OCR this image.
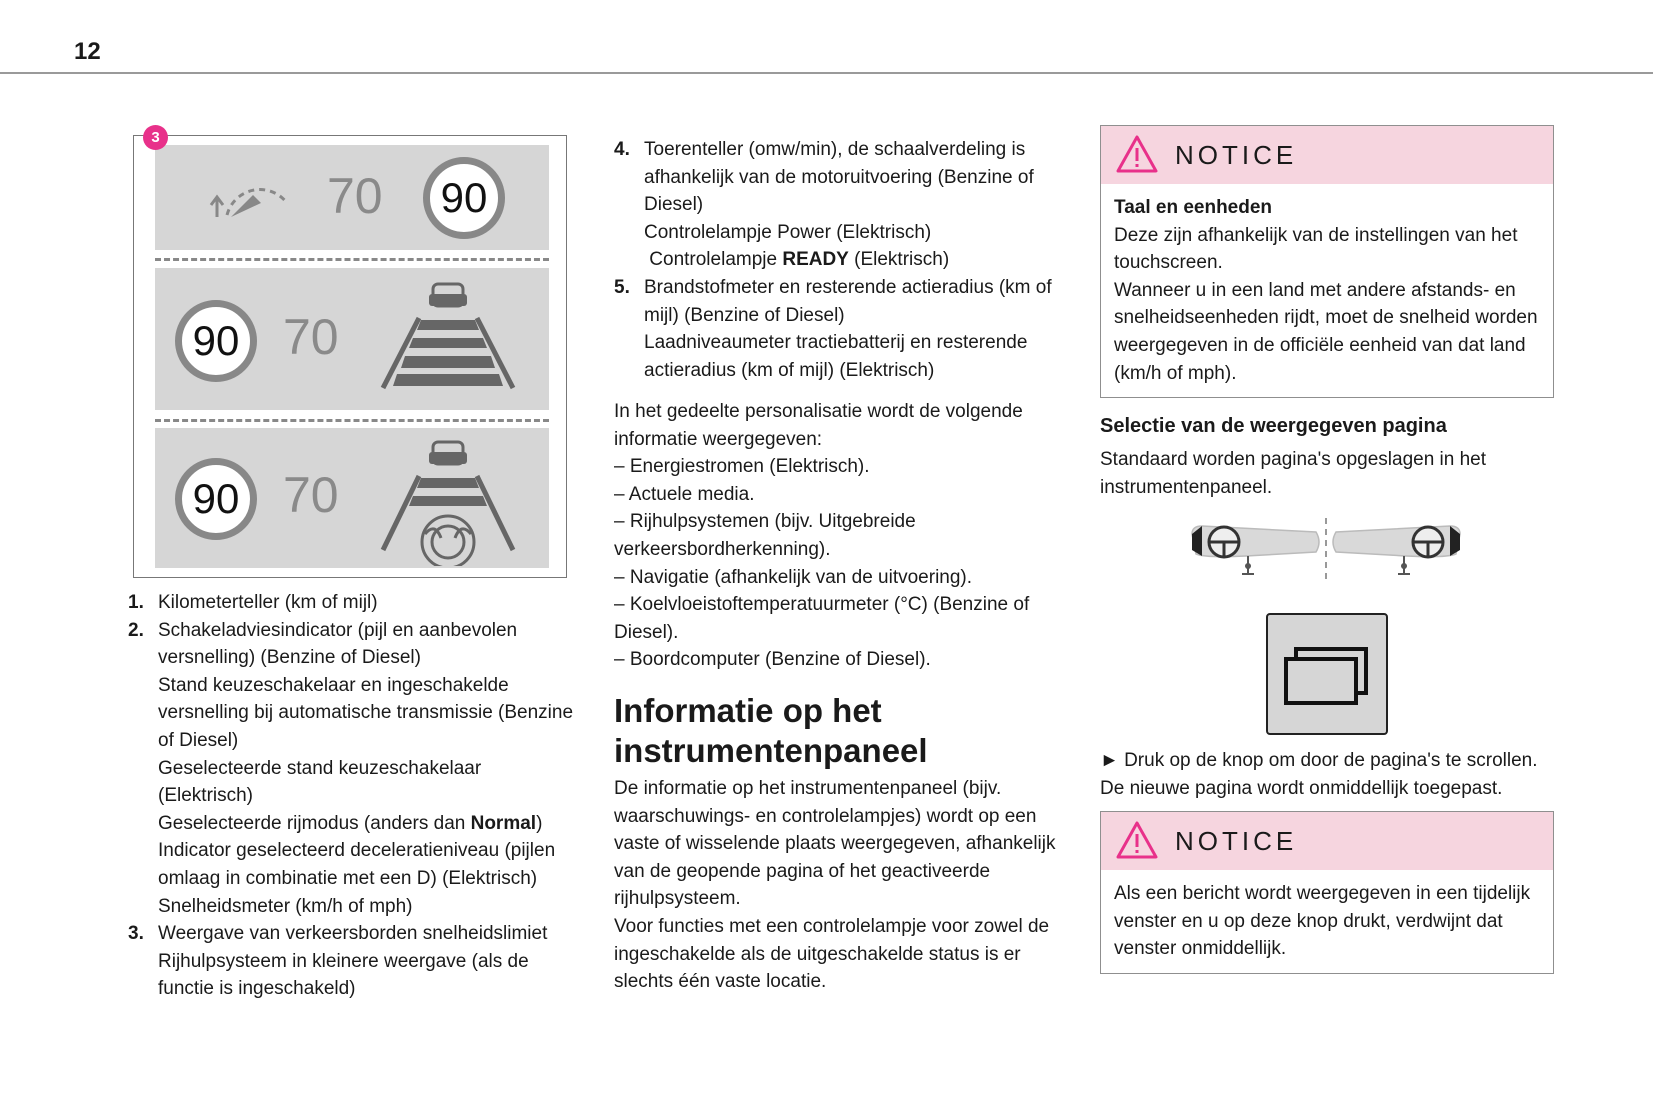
12
70	90
90 70
90 70
3
1. Kilometerteller (km of mijl)
2. Schakeladviesindicator (pijl en aanbevolen versnelling) (Benzine of Diesel)
Stand keuzeschakelaar en ingeschakelde versnelling bij automatische transmissie (Benzine of Diesel)
Geselecteerde stand keuzeschakelaar (Elektrisch)
Geselecteerde rijmodus (anders dan Normal)
Indicator geselecteerd deceleratieniveau (pijlen omlaag in combinatie met een D) (Elektrisch)
Snelheidsmeter (km/h of mph)
3. Weergave van verkeersborden snelheidslimiet
Rijhulpsysteem in kleinere weergave (als de functie is ingeschakeld)
4. Toerenteller (omw/min), de schaalverdeling is afhankelijk van de motoruitvoering (Benzine of Diesel)
Controlelampje Power (Elektrisch)
Controlelampje READY (Elektrisch)
5. Brandstofmeter en resterende actieradius (km of mijl) (Benzine of Diesel)
Laadniveaumeter tractiebatterij en resterende actieradius (km of mijl) (Elektrisch)

In het gedeelte personalisatie wordt de volgende informatie weergegeven:

– Energiestromen (Elektrisch).
– Actuele media.
– Rijhulpsystemen (bijv. Uitgebreide verkeersbordherkenning).
– Navigatie (afhankelijk van de uitvoering).
– Koelvloeistoftemperatuurmeter (°C) (Benzine of Diesel).
– Boordcomputer (Benzine of Diesel).
Informatie op het instrumentenpaneel

De informatie op het instrumentenpaneel (bijv. waarschuwings- en controlelampjes) wordt op een vaste of wisselende plaats weergegeven, afhankelijk van de geopende pagina of het geactiveerde rijhulpsysteem.

Voor functies met een controlelampje voor zowel de ingeschakelde als de uitgeschakelde status is er slechts één vaste locatie.

NOTICE
Taal en eenheden
Deze zijn afhankelijk van de instellingen van het touchscreen.
Wanneer u in een land met andere afstands- en snelheidseenheden rijdt, moet de snelheid worden weergegeven in de officiële eenheid van dat land (km/h of mph).
Selectie van de weergegeven pagina

Standaard worden pagina's opgeslagen in het instrumentenpaneel.

► Druk op de knop om door de pagina's te scrollen.

De nieuwe pagina wordt onmiddellijk toegepast.

NOTICE
Als een bericht wordt weergegeven in een tijdelijk venster en u op deze knop drukt, verdwijnt dat venster onmiddellijk.
